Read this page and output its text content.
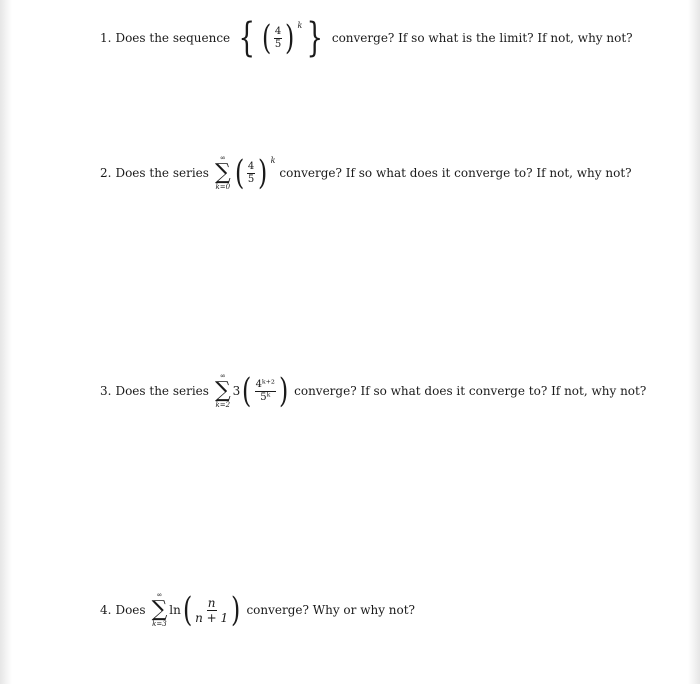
1. Does the sequence { ( $\frac{4}{5}$ ) k } converge? If so what is the limit? If not, why not?
2. Does the series
∞
∑
k=0 ( $\frac{4}{5}$ ) k
converge? If so what does it converge to? If not, why not?
3. Does the series
∞
∑
k=2
3 ( $\frac{\text{4ᵏ⁺²}}{\text{5ᵏ}}$ ) converge? If so what does it converge to? If not, why not?
4. Does
∞
∑
k=3
ln ( $\frac{n}{n + 1}$ ) converge? Why or why not?
